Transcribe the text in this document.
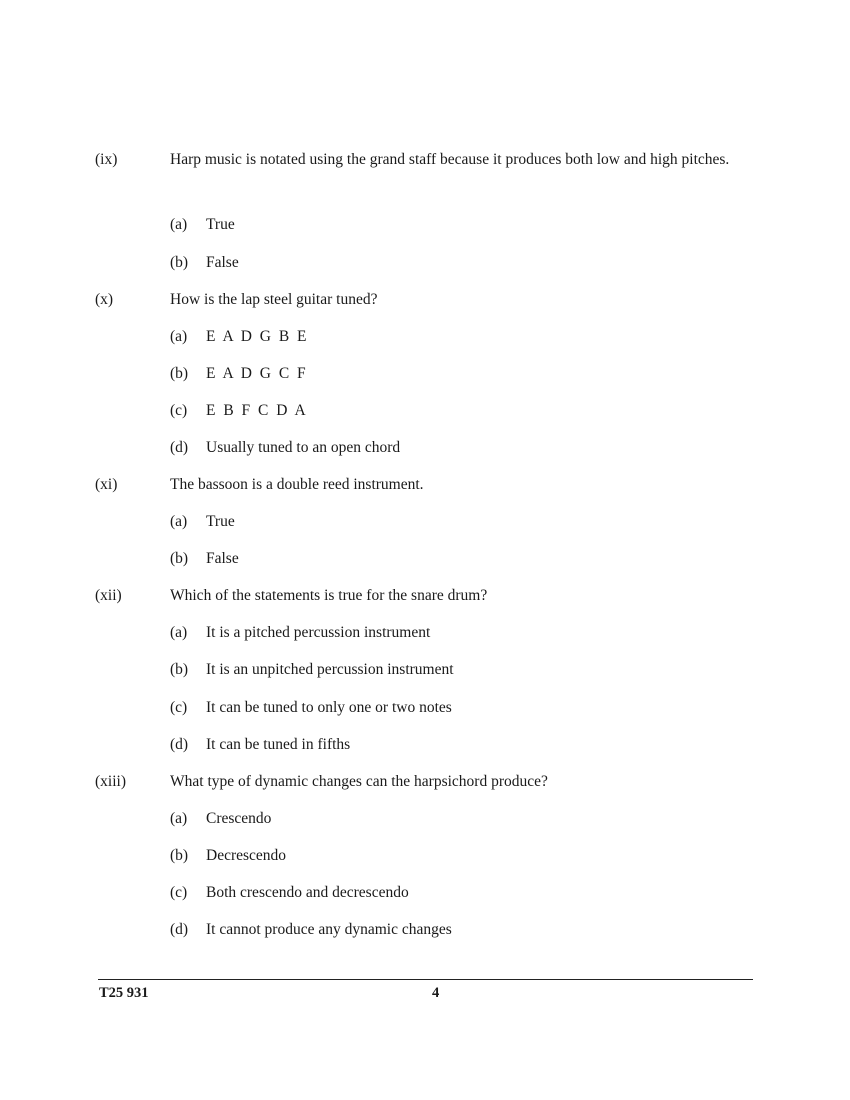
(ix)	Harp music is notated using the grand staff because it produces both low and high pitches.
(a) True
(b) False
(x)	How is the lap steel guitar tuned?
(a) E A D G B E
(b) E A D G C F
(c) E B F C D A
(d) Usually tuned to an open chord
(xi)	The bassoon is a double reed instrument.
(a) True
(b) False
(xii)	Which of the statements is true for the snare drum?
(a) It is a pitched percussion instrument
(b) It is an unpitched percussion instrument
(c) It can be tuned to only one or two notes
(d) It can be tuned in fifths
(xiii)	What type of dynamic changes can the harpsichord produce?
(a) Crescendo
(b) Decrescendo
(c) Both crescendo and decrescendo
(d) It cannot produce any dynamic changes
T25 931	4
